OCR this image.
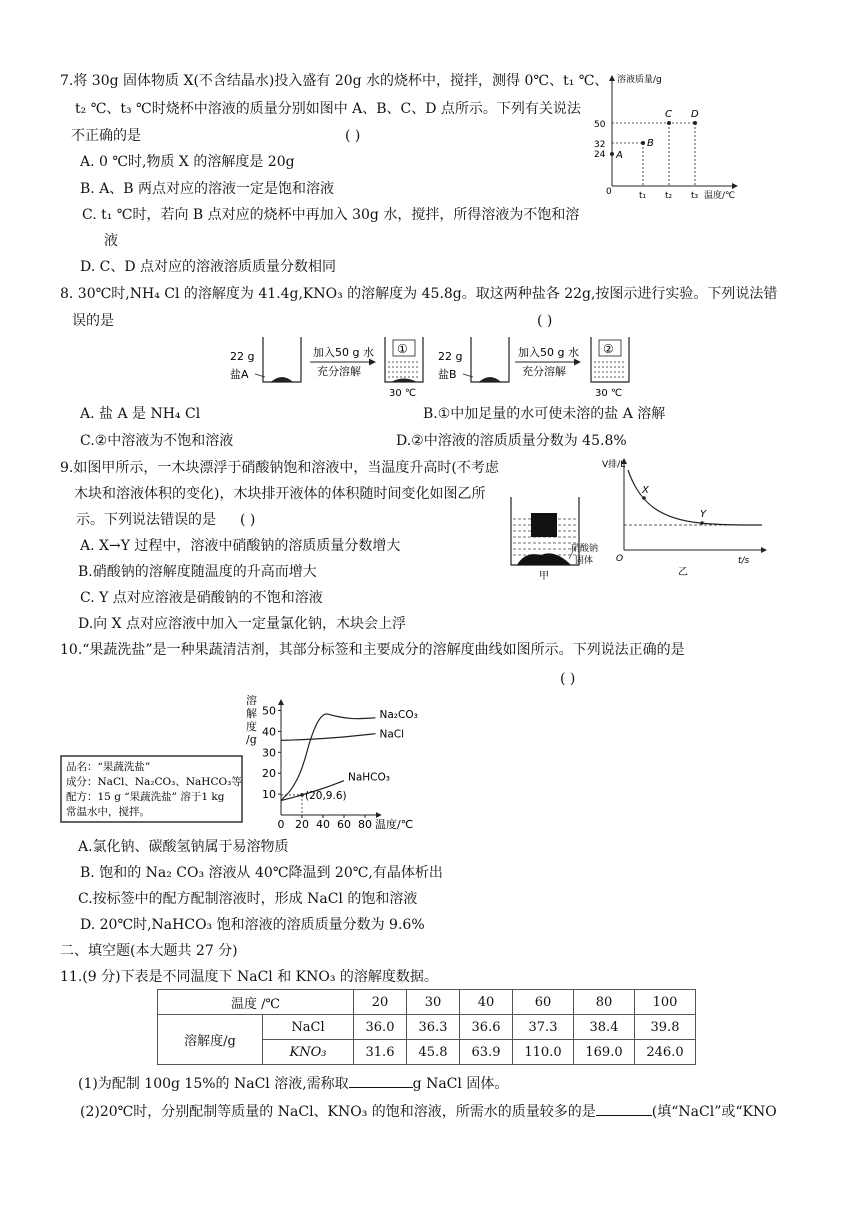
7.将 30g 固体物质 X(不含结晶水)投入盛有 20g 水的烧杯中，搅拌，测得 0℃、t₁ ℃、
t₂ ℃、t₃ ℃时烧杯中溶液的质量分别如图中 A、B、C、D 点所示。下列有关说法
不正确的是	( )
A. 0 ℃时,物质 X 的溶解度是 20g
B. A、B 两点对应的溶液一定是饱和溶液
C. t₁ ℃时，若向 B 点对应的烧杯中再加入 30g 水，搅拌，所得溶液为不饱和溶
液
D. C、D 点对应的溶液溶质质量分数相同
溶液质量/g
温度/℃
0
50
32
24 A
B
C D
t₁ t₂ t₃
8. 30℃时,NH₄ Cl 的溶解度为 41.4g,KNO₃ 的溶解度为 45.8g。取这两种盐各 22g,按图示进行实验。下列说法错
误的是	( )
22 g
盐A
加入50 g 水
充分溶解
①
30 ℃
22 g
盐B
加入50 g 水
充分溶解
②
30 ℃
A. 盐 A 是 NH₄ Cl	B.①中加足量的水可使未溶的盐 A 溶解
C.②中溶液为不饱和溶液	D.②中溶液的溶质质量分数为 45.8%
9.如图甲所示，一木块漂浮于硝酸钠饱和溶液中，当温度升高时(不考虑
木块和溶液体积的变化)，木块排开液体的体积随时间变化如图乙所
示。下列说法错误的是 ( )
A. X→Y 过程中，溶液中硝酸钠的溶质质量分数增大
B.硝酸钠的溶解度随温度的升高而增大
C. Y 点对应溶液是硝酸钠的不饱和溶液
D.向 X 点对应溶液中加入一定量氯化钠，木块会上浮
硝酸钠
固体
甲
V排/L
t/s
O
X
Y
乙
10.“果蔬洗盐”是一种果蔬清洁剂，其部分标签和主要成分的溶解度曲线如图所示。下列说法正确的是
( )
品名：“果蔬洗盐”
成分：NaCl、Na₂CO₃、NaHCO₃等
配方：15 g “果蔬洗盐” 溶于1 kg
常温水中，搅拌。
溶
解
度
/g
10
20
30
40
50
0 20 40 60 80 温度/℃
Na₂CO₃
NaCl
NaHCO₃
(20,9.6)
A.氯化钠、碳酸氢钠属于易溶物质
B. 饱和的 Na₂ CO₃ 溶液从 40℃降温到 20℃,有晶体析出
C.按标签中的配方配制溶液时，形成 NaCl 的饱和溶液
D. 20℃时,NaHCO₃ 饱和溶液的溶质质量分数为 9.6%
二、填空题(本大题共 27 分)
11.(9 分)下表是不同温度下 NaCl 和 KNO₃ 的溶解度数据。
温度 /℃		20	30	40	60	80	100
溶解度/g	NaCl	36.0	36.3	36.6	37.3	38.4	39.8
	KNO₃	31.6	45.8	63.9	110.0	169.0	246.0
(1)为配制 100g 15%的 NaCl 溶液,需称取	g NaCl 固体。
(2)20℃时，分别配制等质量的 NaCl、KNO₃ 的饱和溶液，所需水的质量较多的是	(填“NaCl”或“KNO
